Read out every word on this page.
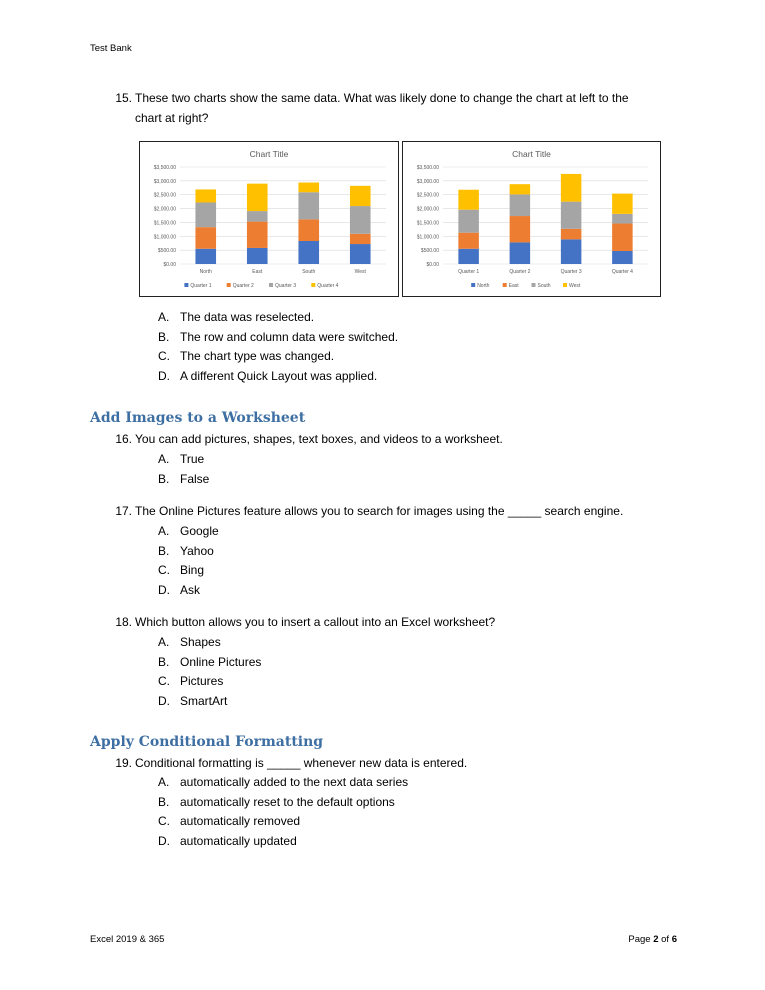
Test Bank
15. These two charts show the same data. What was likely done to change the chart at left to the
chart at right?
Chart Title
$0.00
$500.00
$1,000.00
$1,500.00
$2,000.00
$2,500.00
$3,000.00
$3,500.00
North	East	South	West
Quarter 1	Quarter 2	Quarter 3	Quarter 4
Chart Title
$0.00
$500.00
$1,000.00
$1,500.00
$2,000.00
$2,500.00
$3,000.00
$3,500.00
Quarter 1	Quarter 2	Quarter 3	Quarter 4
North	East	South	West
A. The data was reselected.
B. The row and column data were switched.
C. The chart type was changed.
D. A different Quick Layout was applied.
Add Images to a Worksheet
16. You can add pictures, shapes, text boxes, and videos to a worksheet.
A. True
B. False
17. The Online Pictures feature allows you to search for images using the _____ search engine.
A. Google
B. Yahoo
C. Bing
D. Ask
18. Which button allows you to insert a callout into an Excel worksheet?
A. Shapes
B. Online Pictures
C. Pictures
D. SmartArt
Apply Conditional Formatting
19. Conditional formatting is _____ whenever new data is entered.
A. automatically added to the next data series
B. automatically reset to the default options
C. automatically removed
D. automatically updated
Excel 2019 & 365	Page 2 of 6
